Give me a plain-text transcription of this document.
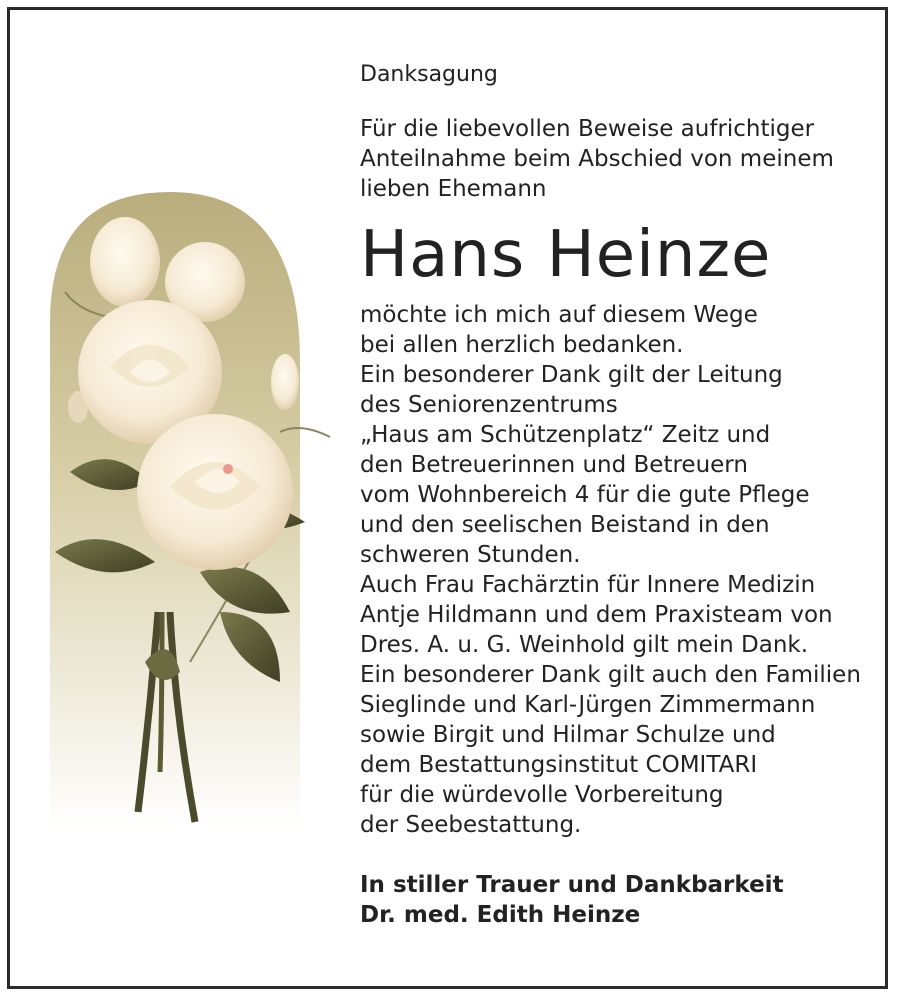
Danksagung
Für die liebevollen Beweise aufrichtiger
Anteilnahme beim Abschied von meinem
lieben Ehemann
Hans Heinze
möchte ich mich auf diesem Wege
bei allen herzlich bedanken.
Ein besonderer Dank gilt der Leitung
des Seniorenzentrums
„Haus am Schützenplatz“ Zeitz und
den Betreuerinnen und Betreuern
vom Wohnbereich 4 für die gute Pflege
und den seelischen Beistand in den
schweren Stunden.
Auch Frau Fachärztin für Innere Medizin
Antje Hildmann und dem Praxisteam von
Dres. A. u. G. Weinhold gilt mein Dank.
Ein besonderer Dank gilt auch den Familien
Sieglinde und Karl-Jürgen Zimmermann
sowie Birgit und Hilmar Schulze und
dem Bestattungsinstitut COMITARI
für die würdevolle Vorbereitung
der Seebestattung.
In stiller Trauer und Dankbarkeit
Dr. med. Edith Heinze
